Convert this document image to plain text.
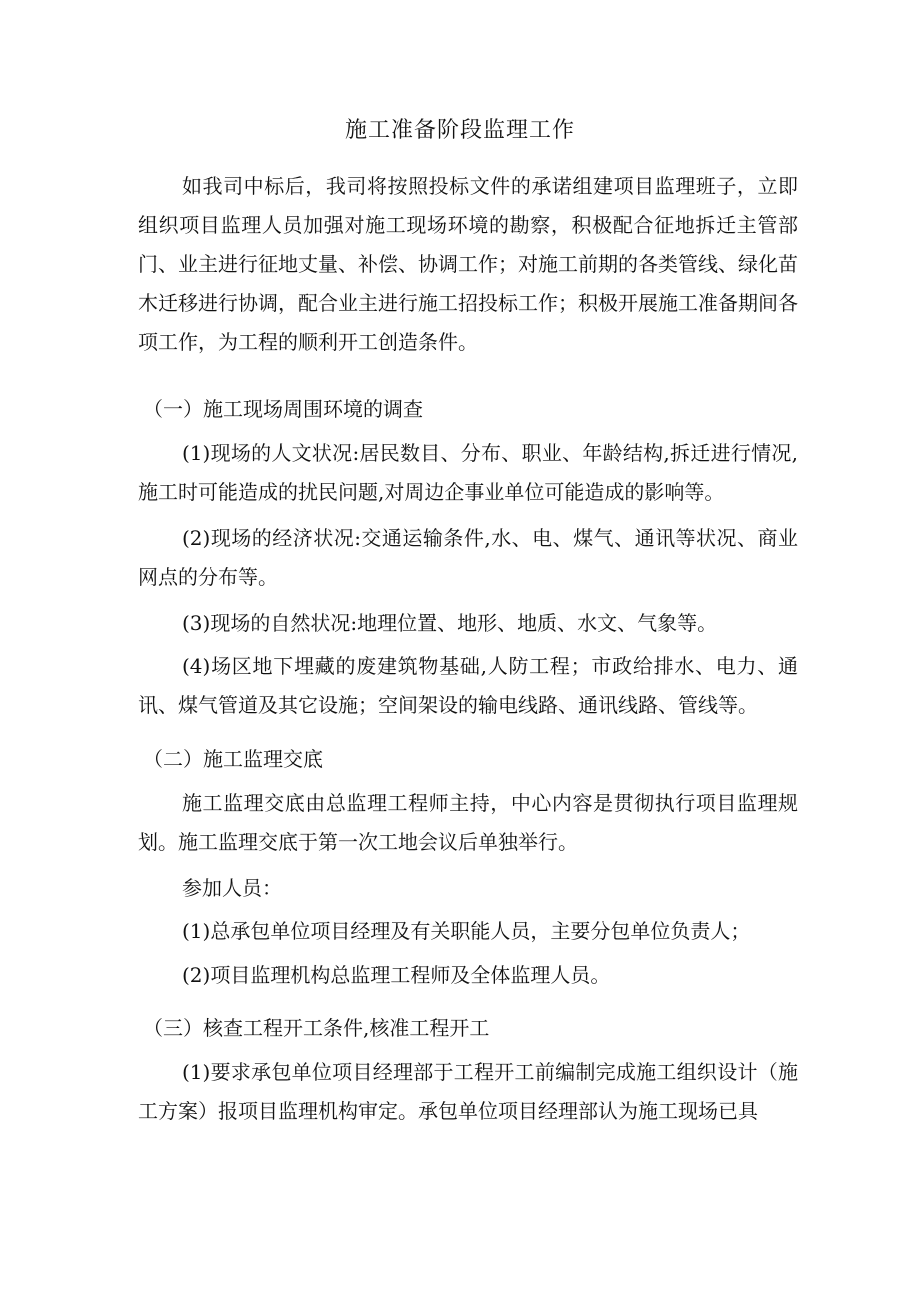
施工准备阶段监理工作
如我司中标后，我司将按照投标文件的承诺组建项目监理班子，立即组织项目监理人员加强对施工现场环境的勘察，积极配合征地拆迁主管部门、业主进行征地丈量、补偿、协调工作；对施工前期的各类管线、绿化苗木迁移进行协调，配合业主进行施工招投标工作；积极开展施工准备期间各项工作，为工程的顺利开工创造条件。
（一）施工现场周围环境的调查
(1)现场的人文状况:居民数目、分布、职业、年龄结构,拆迁进行情况,施工时可能造成的扰民问题,对周边企事业单位可能造成的影响等。
(2)现场的经济状况:交通运输条件,水、电、煤气、通讯等状况、商业网点的分布等。
(3)现场的自然状况:地理位置、地形、地质、水文、气象等。
(4)场区地下埋藏的废建筑物基础,人防工程；市政给排水、电力、通讯、煤气管道及其它设施；空间架设的输电线路、通讯线路、管线等。
（二）施工监理交底
施工监理交底由总监理工程师主持，中心内容是贯彻执行项目监理规划。施工监理交底于第一次工地会议后单独举行。
参加人员：
(1)总承包单位项目经理及有关职能人员，主要分包单位负责人；
(2)项目监理机构总监理工程师及全体监理人员。
（三）核查工程开工条件,核准工程开工
(1)要求承包单位项目经理部于工程开工前编制完成施工组织设计（施工方案）报项目监理机构审定。承包单位项目经理部认为施工现场已具
